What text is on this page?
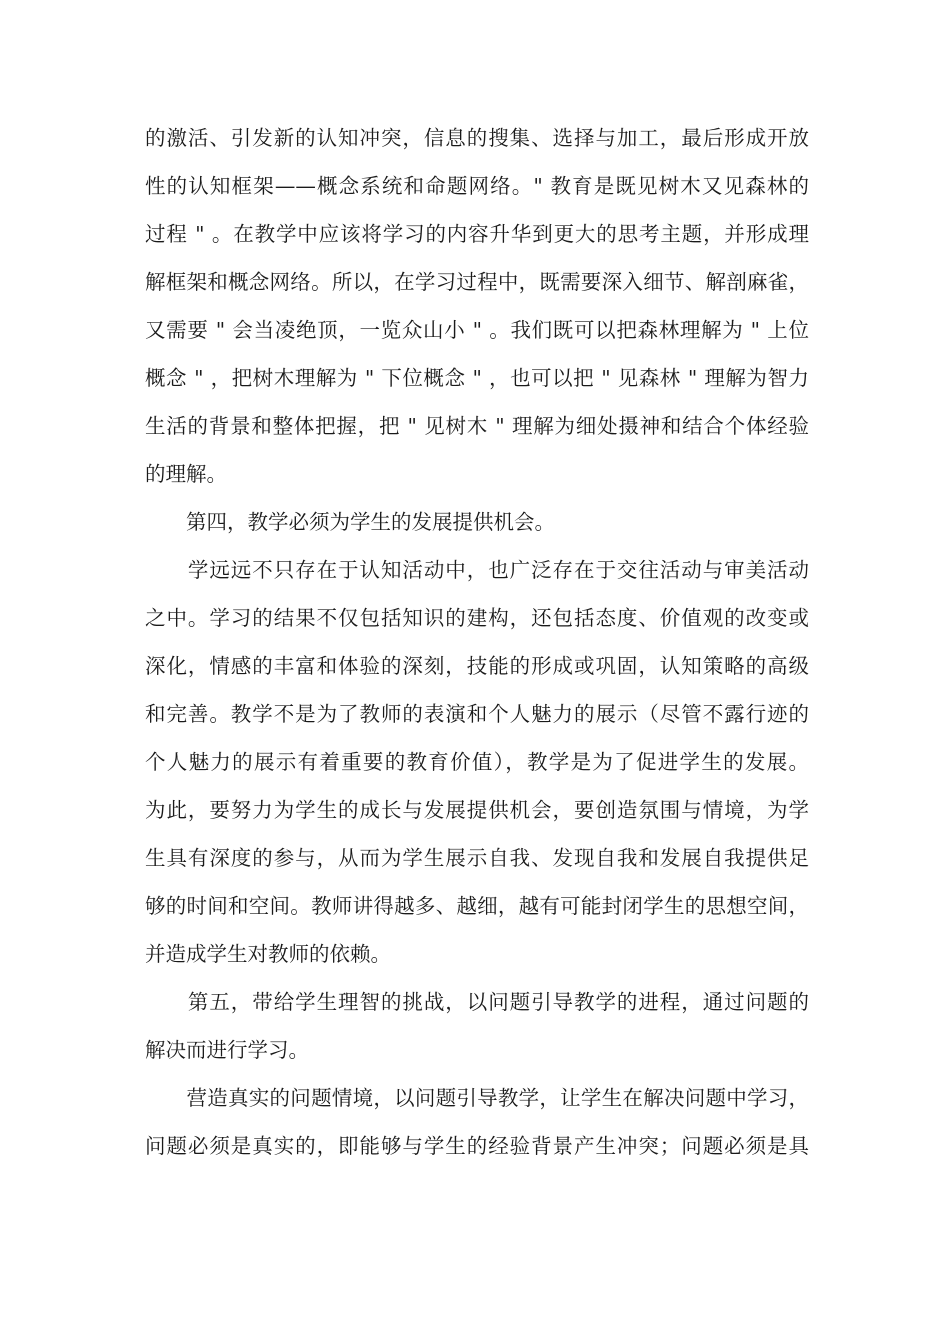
的激活、引发新的认知冲突，信息的搜集、选择与加工，最后形成开放
性的认知框架——概念系统和命题网络。" 教育是既见树木又见森林的
过程 " 。在教学中应该将学习的内容升华到更大的思考主题，并形成理
解框架和概念网络。所以，在学习过程中，既需要深入细节、解剖麻雀，
又需要 " 会当凌绝顶，一览众山小 " 。我们既可以把森林理解为 " 上位
概念 " ，把树木理解为 " 下位概念 " ，也可以把 " 见森林 " 理解为智力
生活的背景和整体把握，把 " 见树木 " 理解为细处摄神和结合个体经验
的理解。
　　第四，教学必须为学生的发展提供机会。
　　学远远不只存在于认知活动中，也广泛存在于交往活动与审美活动
之中。学习的结果不仅包括知识的建构，还包括态度、价值观的改变或
深化，情感的丰富和体验的深刻，技能的形成或巩固，认知策略的高级
和完善。教学不是为了教师的表演和个人魅力的展示（尽管不露行迹的
个人魅力的展示有着重要的教育价值），教学是为了促进学生的发展。
为此，要努力为学生的成长与发展提供机会，要创造氛围与情境，为学
生具有深度的参与，从而为学生展示自我、发现自我和发展自我提供足
够的时间和空间。教师讲得越多、越细，越有可能封闭学生的思想空间，
并造成学生对教师的依赖。
　　第五，带给学生理智的挑战，以问题引导教学的进程，通过问题的
解决而进行学习。
　　营造真实的问题情境，以问题引导教学，让学生在解决问题中学习，
问题必须是真实的，即能够与学生的经验背景产生冲突；问题必须是具
